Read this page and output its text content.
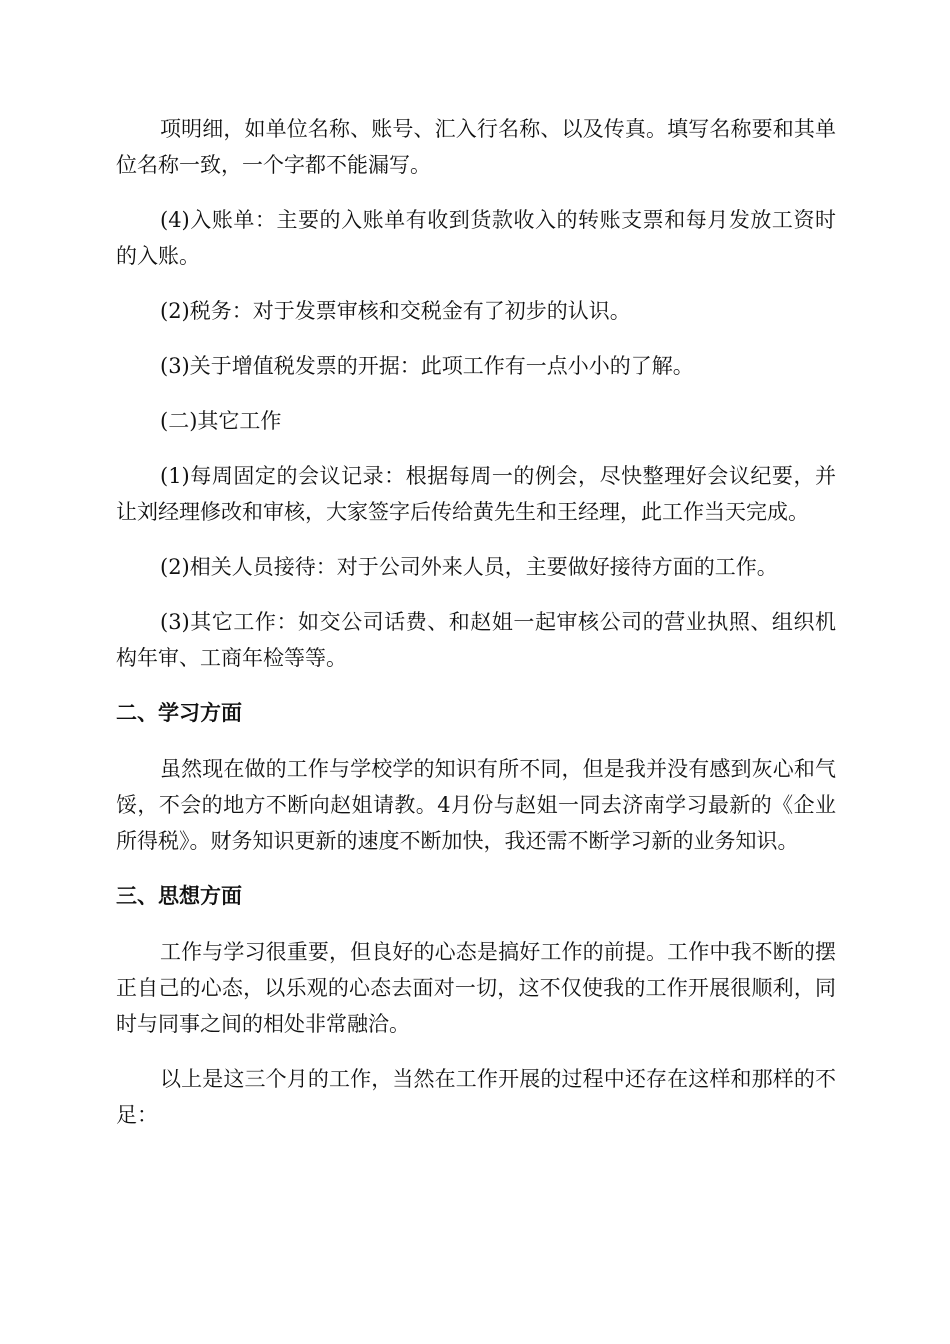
项明细，如单位名称、账号、汇入行名称、以及传真。填写名称要和其单位名称一致，一个字都不能漏写。

(4)入账单：主要的入账单有收到货款收入的转账支票和每月发放工资时的入账。

(2)税务：对于发票审核和交税金有了初步的认识。

(3)关于增值税发票的开据：此项工作有一点小小的了解。

(二)其它工作

(1)每周固定的会议记录：根据每周一的例会，尽快整理好会议纪要，并让刘经理修改和审核，大家签字后传给黄先生和王经理，此工作当天完成。

(2)相关人员接待：对于公司外来人员，主要做好接待方面的工作。

(3)其它工作：如交公司话费、和赵姐一起审核公司的营业执照、组织机构年审、工商年检等等。

二、学习方面

虽然现在做的工作与学校学的知识有所不同，但是我并没有感到灰心和气馁，不会的地方不断向赵姐请教。4月份与赵姐一同去济南学习最新的《企业所得税》。财务知识更新的速度不断加快，我还需不断学习新的业务知识。

三、思想方面

工作与学习很重要，但良好的心态是搞好工作的前提。工作中我不断的摆正自己的心态，以乐观的心态去面对一切，这不仅使我的工作开展很顺利，同时与同事之间的相处非常融洽。

以上是这三个月的工作，当然在工作开展的过程中还存在这样和那样的不足：
